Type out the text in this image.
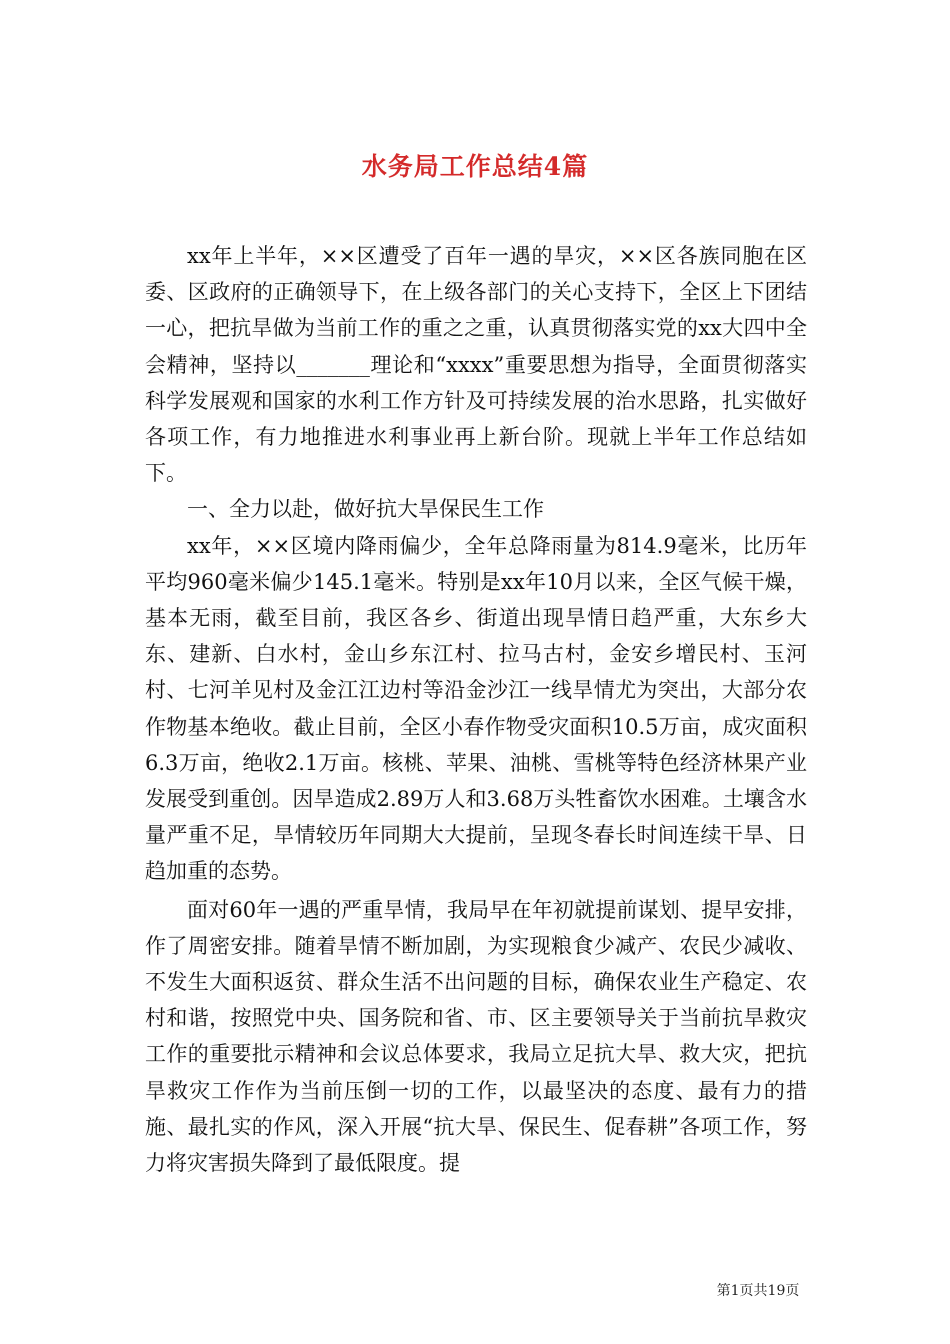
水务局工作总结4篇

xx年上半年，××区遭受了百年一遇的旱灾，××区各族同胞在区委、区政府的正确领导下，在上级各部门的关心支持下，全区上下团结一心，把抗旱做为当前工作的重之之重，认真贯彻落实党的xx大四中全会精神，坚持以_______理论和“xxxx”重要思想为指导，全面贯彻落实科学发展观和国家的水利工作方针及可持续发展的治水思路，扎实做好各项工作，有力地推进水利事业再上新台阶。现就上半年工作总结如下。

一、全力以赴，做好抗大旱保民生工作

xx年，××区境内降雨偏少，全年总降雨量为814.9毫米，比历年平均960毫米偏少145.1毫米。特别是xx年10月以来，全区气候干燥，基本无雨，截至目前，我区各乡、街道出现旱情日趋严重，大东乡大东、建新、白水村，金山乡东江村、拉马古村，金安乡增民村、玉河村、七河羊见村及金江江边村等沿金沙江一线旱情尤为突出，大部分农作物基本绝收。截止目前，全区小春作物受灾面积10.5万亩，成灾面积6.3万亩，绝收2.1万亩。核桃、苹果、油桃、雪桃等特色经济林果产业发展受到重创。因旱造成2.89万人和3.68万头牲畜饮水困难。土壤含水量严重不足，旱情较历年同期大大提前，呈现冬春长时间连续干旱、日趋加重的态势。

面对60年一遇的严重旱情，我局早在年初就提前谋划、提早安排，作了周密安排。随着旱情不断加剧，为实现粮食少减产、农民少减收、不发生大面积返贫、群众生活不出问题的目标，确保农业生产稳定、农村和谐，按照党中央、国务院和省、市、区主要领导关于当前抗旱救灾工作的重要批示精神和会议总体要求，我局立足抗大旱、救大灾，把抗旱救灾工作作为当前压倒一切的工作，以最坚决的态度、最有力的措施、最扎实的作风，深入开展“抗大旱、保民生、促春耕”各项工作，努力将灾害损失降到了最低限度。提

第1页共19页
